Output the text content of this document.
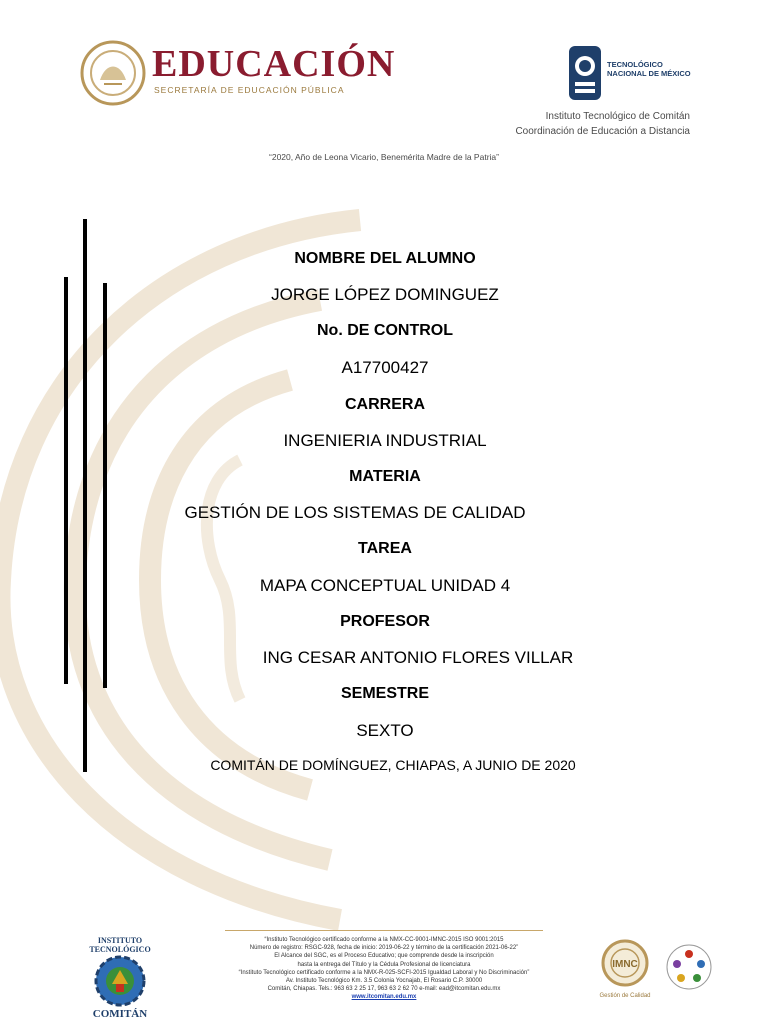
EDUCACIÓN
SECRETARÍA DE EDUCACIÓN PÚBLICA
TECNOLÓGICO
NACIONAL DE MÉXICO
Instituto Tecnológico de Comitán
Coordinación de Educación a Distancia
“2020, Año de Leona Vicario, Benemérita Madre de la Patria”
NOMBRE DEL ALUMNO
JORGE LÓPEZ DOMINGUEZ
No. DE CONTROL
A17700427
CARRERA
INGENIERIA INDUSTRIAL
MATERIA
GESTIÓN DE LOS SISTEMAS DE CALIDAD
TAREA
MAPA CONCEPTUAL UNIDAD 4
PROFESOR
ING CESAR ANTONIO FLORES VILLAR
SEMESTRE
SEXTO
COMITÁN DE DOMÍNGUEZ, CHIAPAS, A JUNIO DE 2020
INSTITUTO
TECNOLÓGICO
COMITÁN
“Instituto Tecnológico certificado conforme a la NMX-CC-9001-IMNC-2015 ISO 9001:2015
Número de registro: RSGC-928, fecha de inicio: 2019-06-22 y término de la certificación 2021-06-22”
El Alcance del SGC, es el Proceso Educativo; que comprende desde la inscripción
hasta la entrega del Título y la Cédula Profesional de licenciatura
“Instituto Tecnológico certificado conforme a la NMX-R-025-SCFI-2015 Igualdad Laboral y No Discriminación”
Av. Instituto Tecnológico Km. 3.5 Colonia Yocnajab, El Rosario C.P. 30000
Comitán, Chiapas. Tels.: 963 63 2 25 17, 963 63 2 62 70 e-mail: ead@itcomitan.edu.mx
www.itcomitan.edu.mx
IMNC
Gestión de Calidad
